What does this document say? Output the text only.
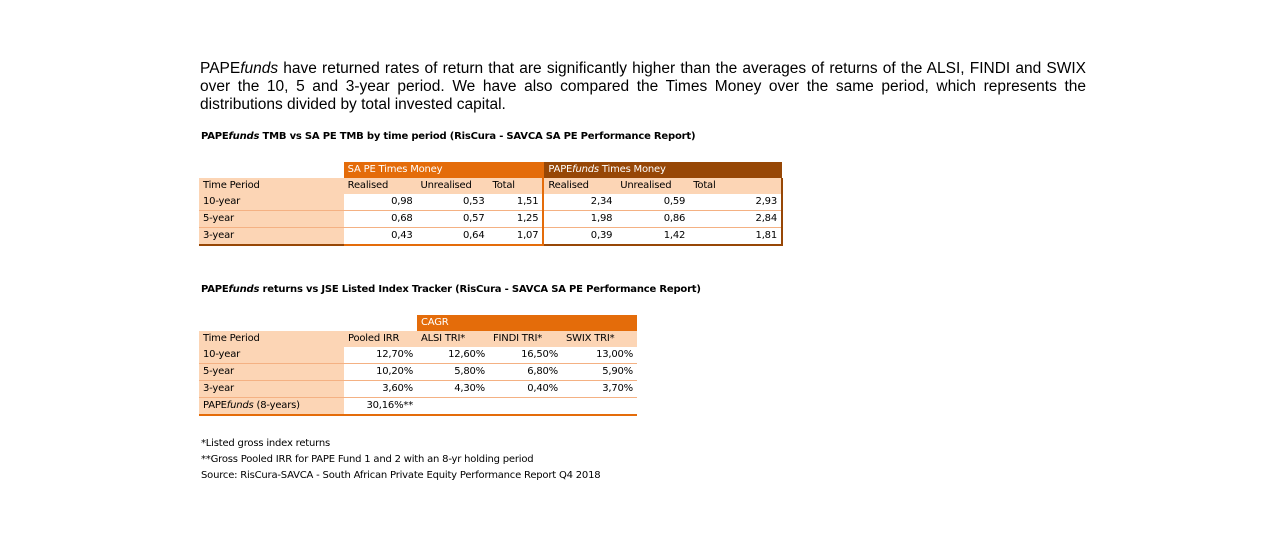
PAPEfunds have returned rates of return that are significantly higher than the averages of returns of the ALSI, FINDI and SWIX over the 10, 5 and 3-year period. We have also compared the Times Money over the same period, which represents the distributions divided by total invested capital.

PAPEfunds TMB vs SA PE TMB by time period (RisCura - SAVCA SA PE Performance Report)
	SA PE Times Money			PAPEfunds Times Money		
Time Period	Realised	Unrealised	Total	Realised	Unrealised	Total
10-year	0,98	0,53	1,51	2,34	0,59	2,93
5-year	0,68	0,57	1,25	1,98	0,86	2,84
3-year	0,43	0,64	1,07	0,39	1,42	1,81
PAPEfunds returns vs JSE Listed Index Tracker (RisCura - SAVCA SA PE Performance Report)
		CAGR		
Time Period	Pooled IRR	ALSI TRI*	FINDI TRI*	SWIX TRI*
10-year	12,70%	12,60%	16,50%	13,00%
5-year	10,20%	5,80%	6,80%	5,90%
3-year	3,60%	4,30%	0,40%	3,70%
PAPEfunds (8-years)	30,16%**			
*Listed gross index returns
**Gross Pooled IRR for PAPE Fund 1 and 2 with an 8-yr holding period
Source: RisCura-SAVCA - South African Private Equity Performance Report Q4 2018
